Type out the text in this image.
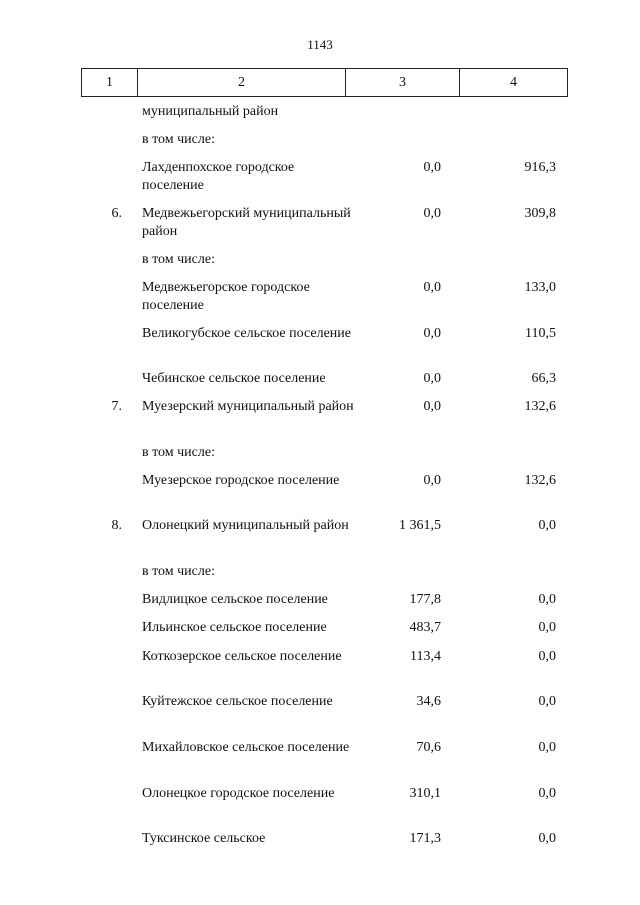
1143
1	2	3	4
муниципальный район
в том числе:
Лахденпохское городское поселение
0,0	916,3
6. Медвежьегорский муниципальный район
0,0	309,8
в том числе:
Медвежьегорское городское поселение
0,0	133,0
Великогубское сельское поселение	0,0	110,5
Чебинское сельское поселение	0,0	66,3
7. Муезерский муниципальный район	0,0	132,6
в том числе:
Муезерское городское поселение	0,0	132,6
8. Олонецкий муниципальный район	1 361,5	0,0
в том числе:
Видлицкое сельское поселение	177,8	0,0
Ильинское сельское поселение	483,7	0,0
Коткозерское сельское поселение	113,4	0,0
Куйтежское сельское поселение	34,6	0,0
Михайловское сельское поселение	70,6	0,0
Олонецкое городское поселение	310,1	0,0
Туксинское сельское	171,3	0,0
